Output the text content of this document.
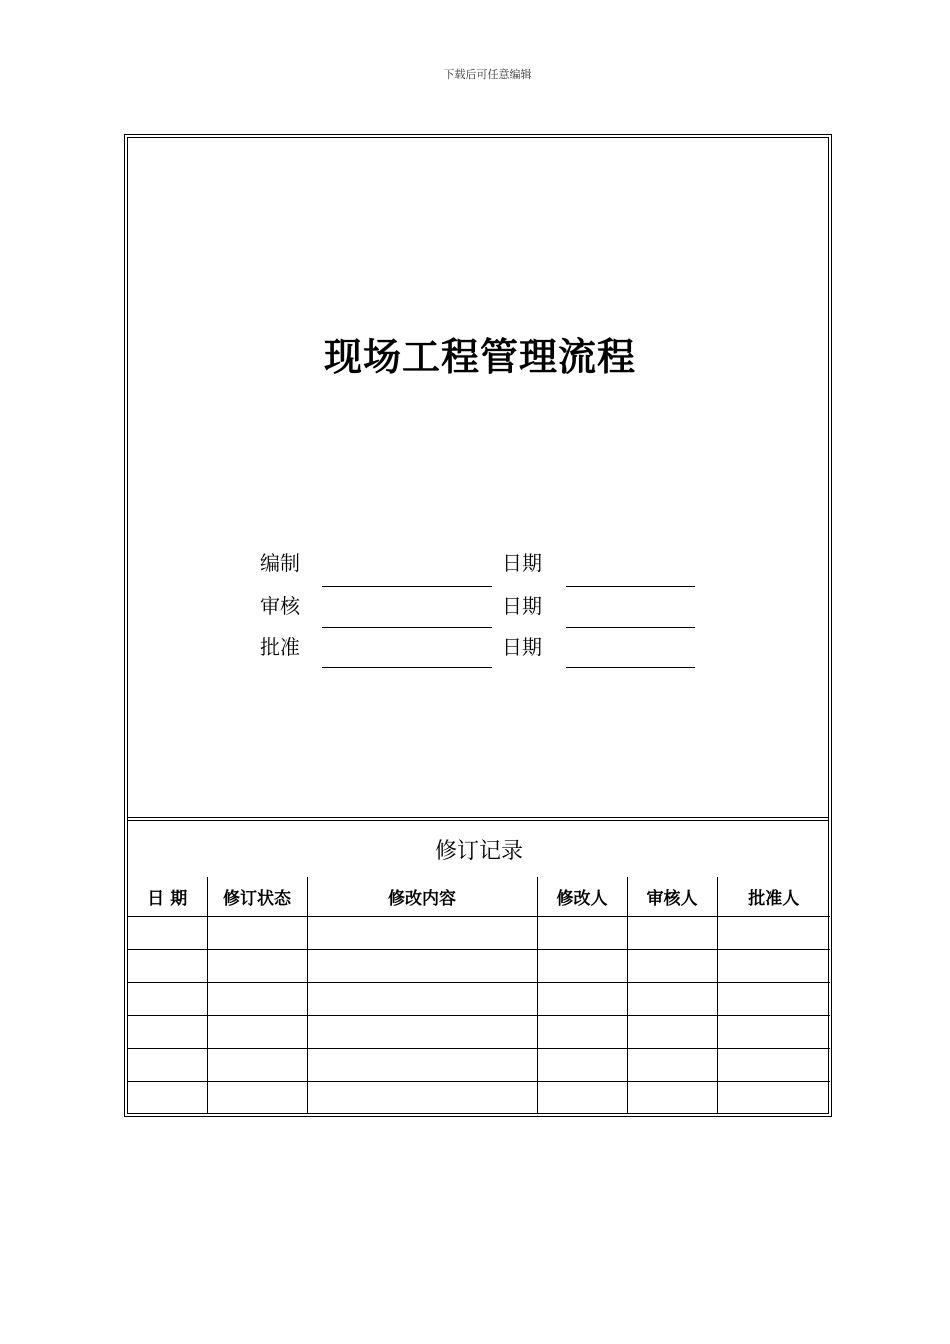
下载后可任意编辑
现场工程管理流程
编制	日期
审核	日期
批准	日期
修订记录
日 期	修订状态	修改内容	修改人	审核人	批准人
